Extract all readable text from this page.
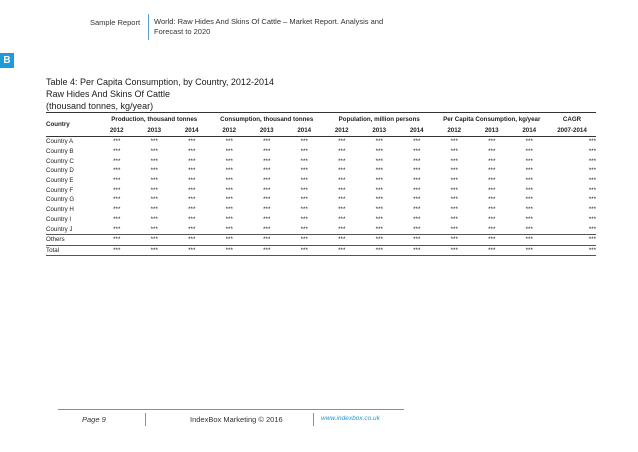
Sample Report World: Raw Hides And Skins Of Cattle – Market Report. Analysis and Forecast to 2020
B
Table 4: Per Capita Consumption, by Country, 2012-2014
Raw Hides And Skins Of Cattle
(thousand tonnes, kg/year)
Country	Production, thousand tonnes			Consumption, thousand tonnes			Population, million persons			Per Capita Consumption, kg/year			CAGR
	2012	2013	2014	2012	2013	2014	2012	2013	2014	2012	2013	2014	2007-2014
Country A	***	***	***	***	***	***	***	***	***	***	***	***	***
Country B	***	***	***	***	***	***	***	***	***	***	***	***	***
Country C	***	***	***	***	***	***	***	***	***	***	***	***	***
Country D	***	***	***	***	***	***	***	***	***	***	***	***	***
Country E	***	***	***	***	***	***	***	***	***	***	***	***	***
Country F	***	***	***	***	***	***	***	***	***	***	***	***	***
Country G	***	***	***	***	***	***	***	***	***	***	***	***	***
Country H	***	***	***	***	***	***	***	***	***	***	***	***	***
Country I	***	***	***	***	***	***	***	***	***	***	***	***	***
Country J	***	***	***	***	***	***	***	***	***	***	***	***	***
Others	***	***	***	***	***	***	***	***	***	***	***	***	***
Total	***	***	***	***	***	***	***	***	***	***	***	***	***
Page 9	IndexBox Marketing © 2016	www.indexbox.co.uk
